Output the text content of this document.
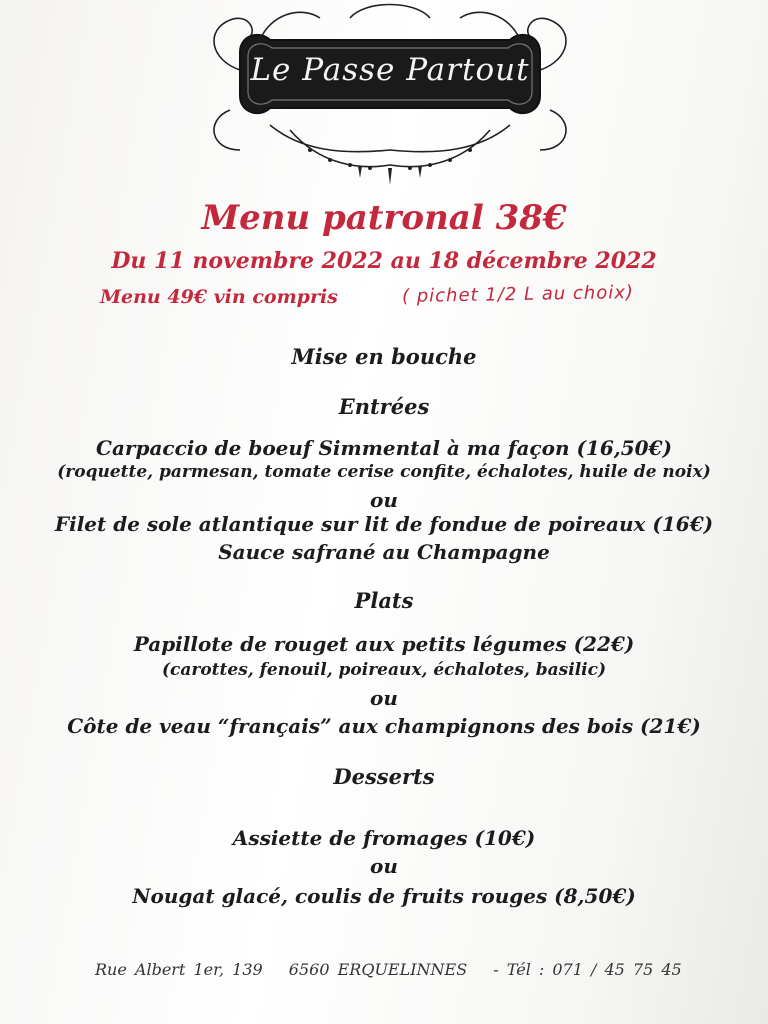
Le Passe Partout
Menu patronal 38€
Du 11 novembre 2022 au 18 décembre 2022
Menu 49€ vin compris	( pichet 1/2 L au choix)
Mise en bouche
Entrées
Carpaccio de boeuf Simmental à ma façon (16,50€)
(roquette, parmesan, tomate cerise confite, échalotes, huile de noix)
ou
Filet de sole atlantique sur lit de fondue de poireaux (16€)
Sauce safrané au Champagne
Plats
Papillote de rouget aux petits légumes (22€)
(carottes, fenouil, poireaux, échalotes, basilic)
ou
Côte de veau “français” aux champignons des bois (21€)
Desserts
Assiette de fromages (10€)
ou
Nougat glacé, coulis de fruits rouges (8,50€)
Rue Albert 1er, 139 6560 ERQUELINNES - Tél : 071 / 45 75 45
